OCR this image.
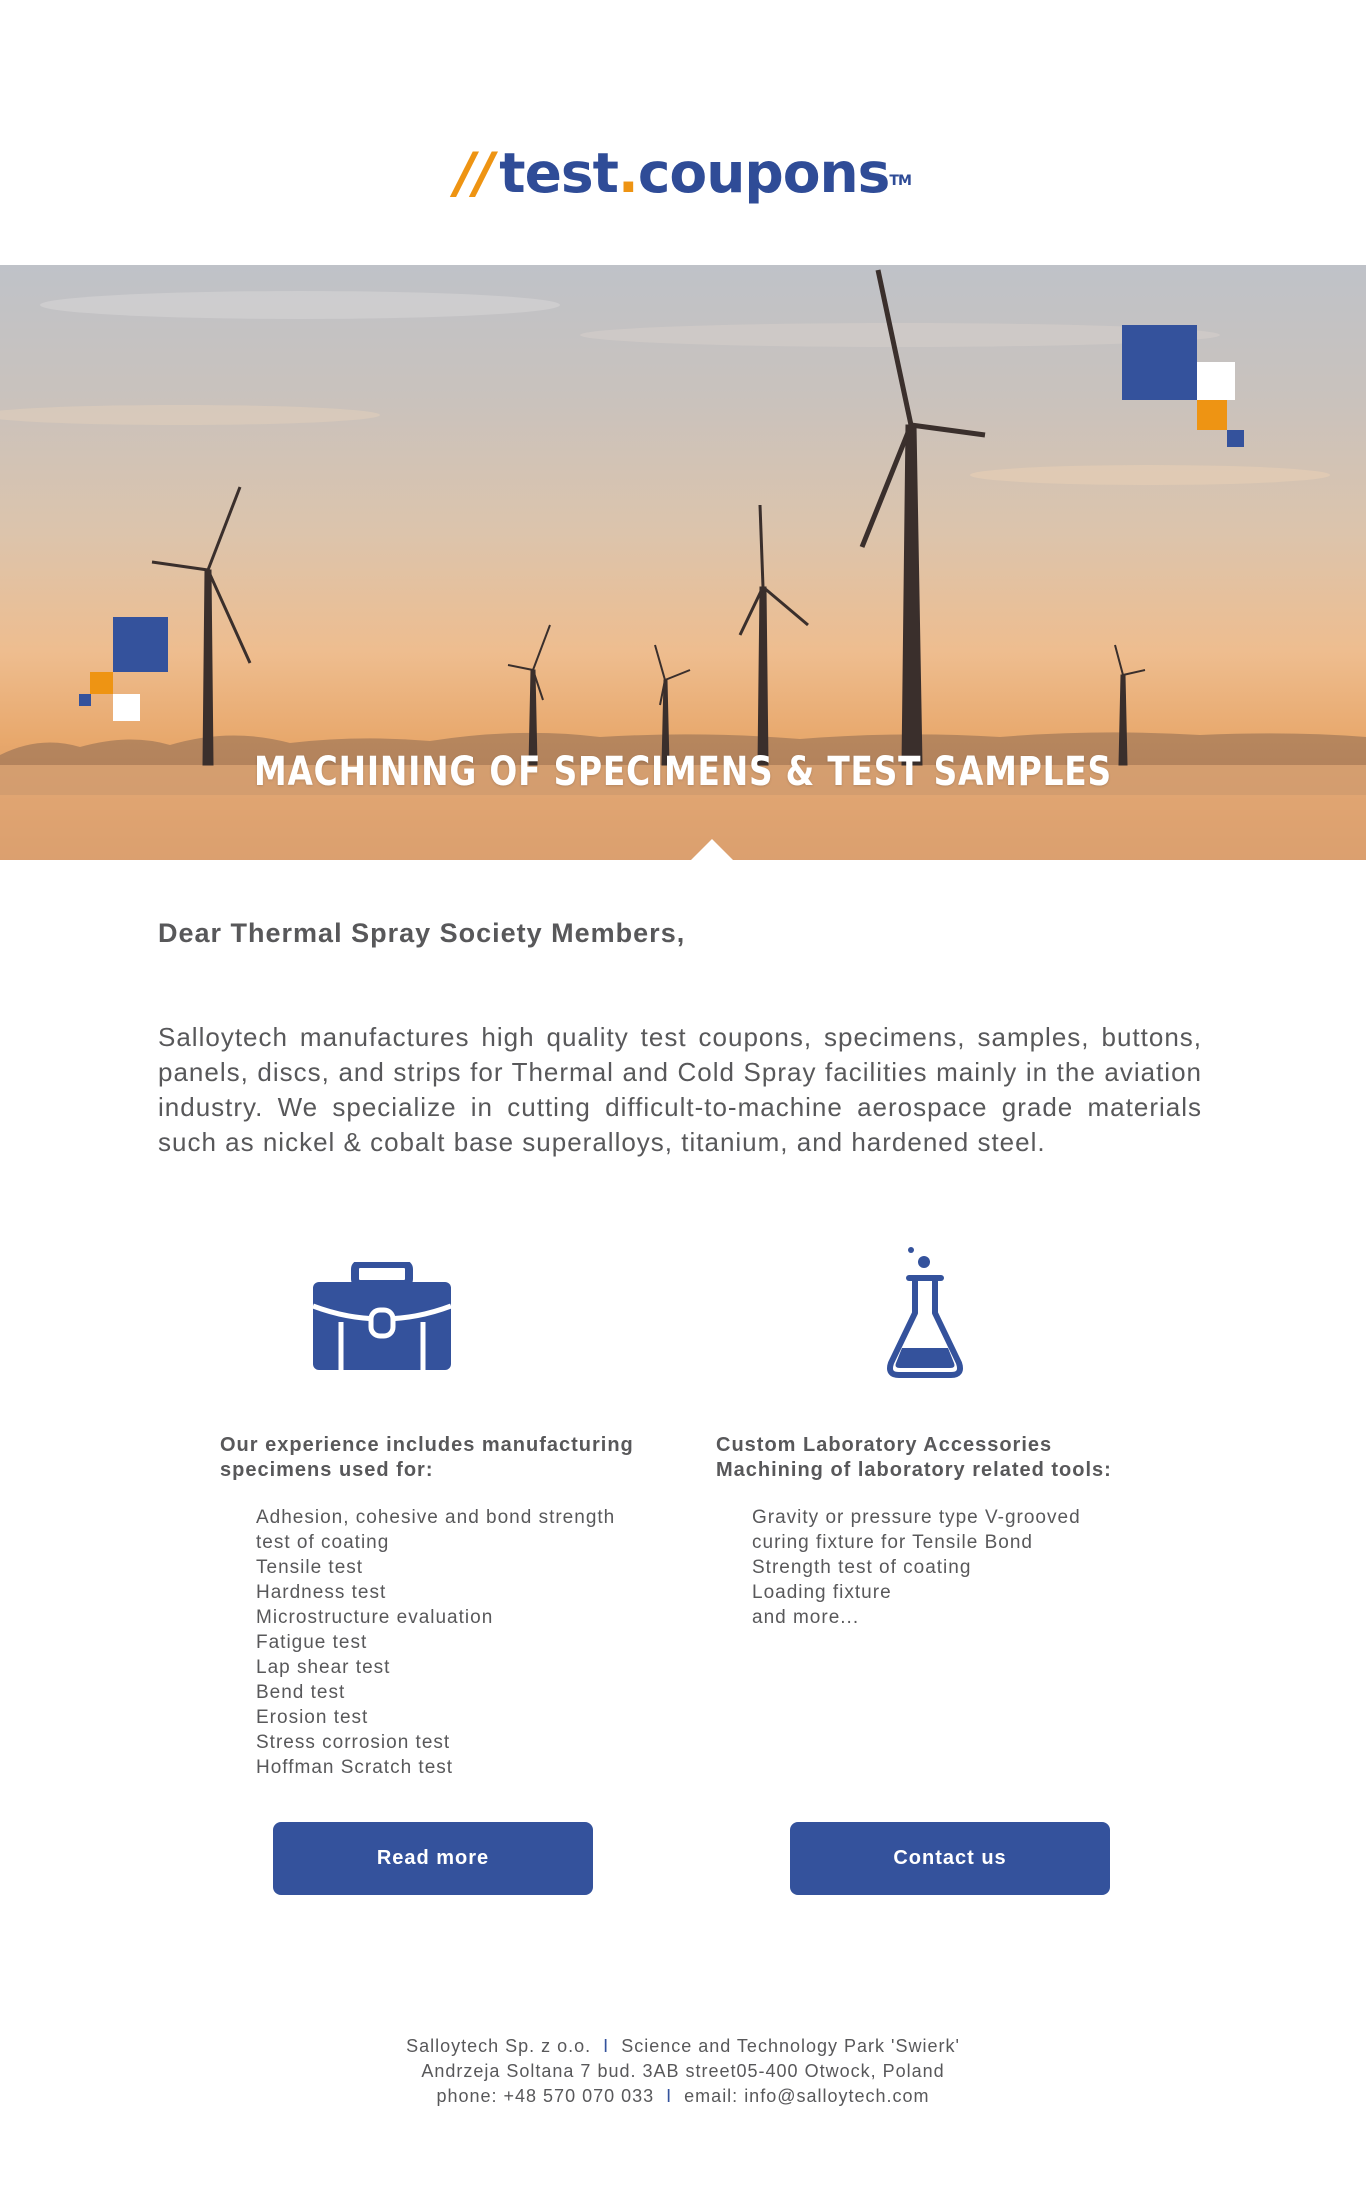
// test.coupons™
MACHINING OF SPECIMENS & TEST SAMPLES
Dear Thermal Spray Society Members,
Salloytech manufactures high quality test coupons, specimens, samples, buttons, panels, discs, and strips for Thermal and Cold Spray facilities mainly in the aviation industry. We specialize in cutting difficult-to-machine aerospace grade materials such as nickel & cobalt base superalloys, titanium, and hardened steel.
Our experience includes manufacturing specimens used for:
Adhesion, cohesive and bond strength test of coating
Tensile test
Hardness test
Microstructure evaluation
Fatigue test
Lap shear test
Bend test
Erosion test
Stress corrosion test
Hoffman Scratch test
Custom Laboratory Accessories Machining of laboratory related tools:
Gravity or pressure type V-grooved curing fixture for Tensile Bond Strength test of coating
Loading fixture
and more...
Read more	Contact us
Salloytech Sp. z o.o. I Science and Technology Park 'Swierk'
Andrzeja Soltana 7 bud. 3AB street05-400 Otwock, Poland
phone: +48 570 070 033 I email: info@salloytech.com
